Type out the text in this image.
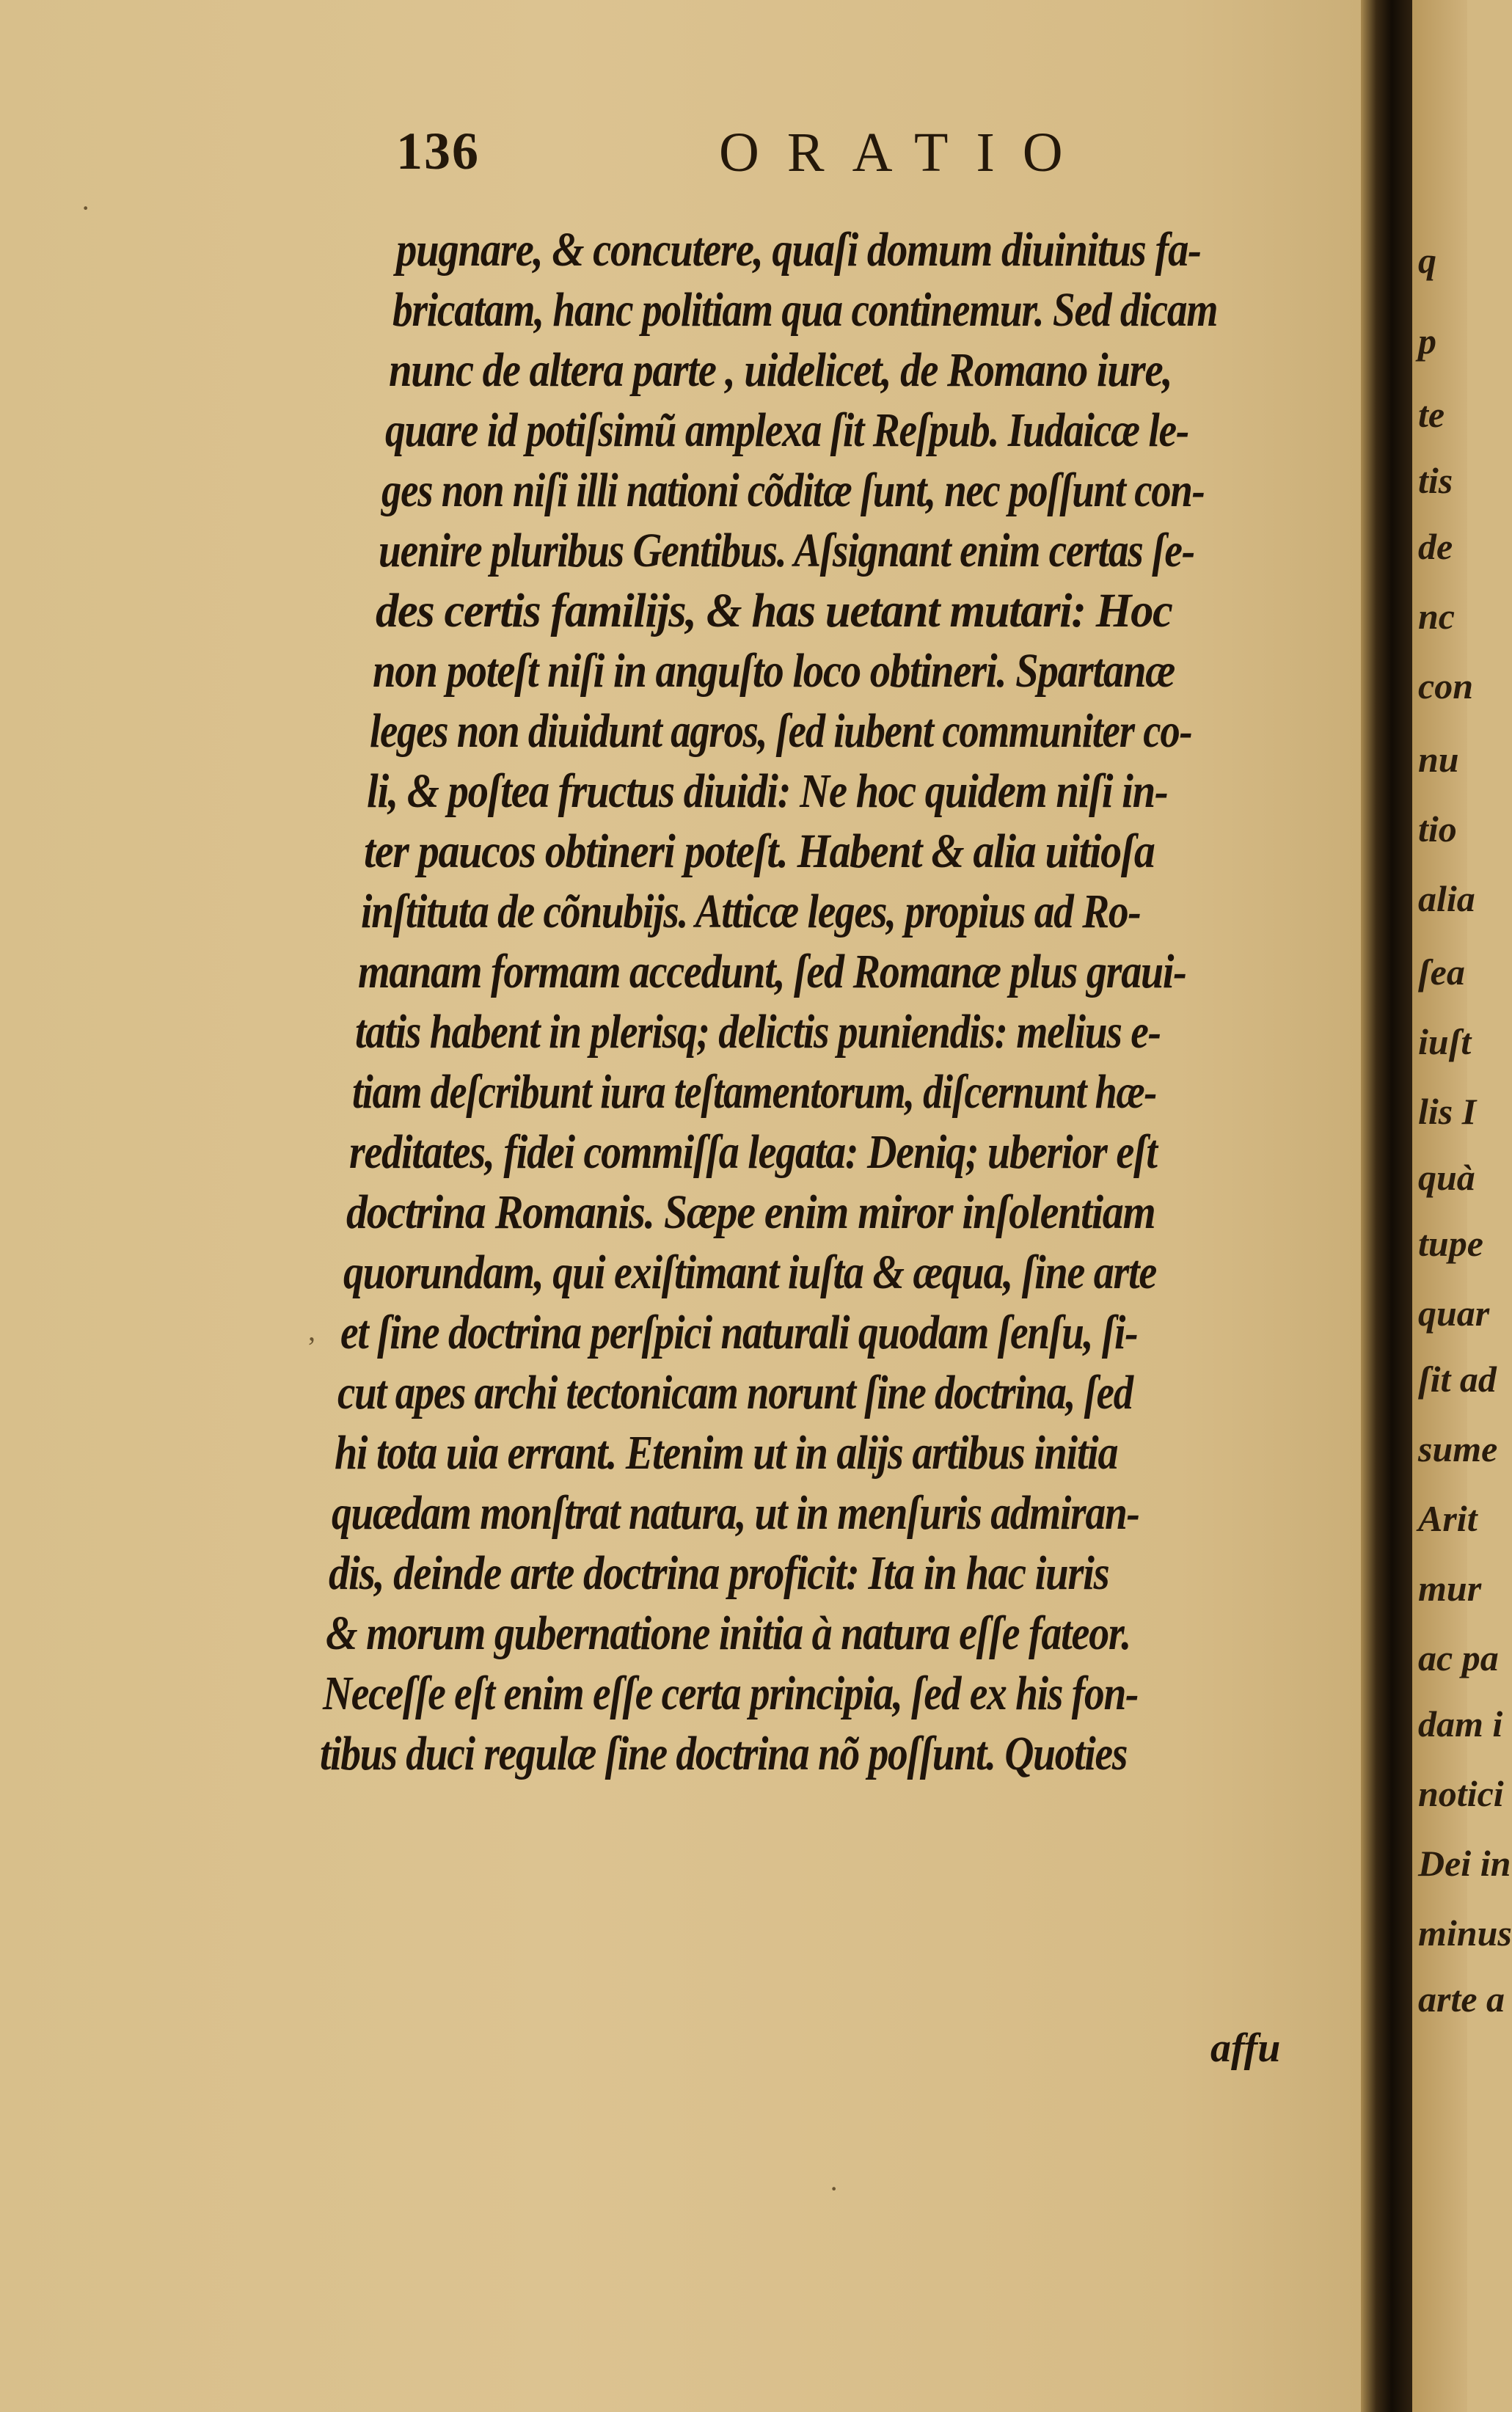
·
,
·
136	ORATIO
pugnare, & concutere, quaſi domum diuinitus fa-
bricatam, hanc politiam qua continemur. Sed dicam
nunc de altera parte , uidelicet, de Romano iure,
quare id potiſsimũ amplexa ſit Reſpub. Iudaicæ le-
ges non niſi illi nationi cõditæ ſunt, nec poſſunt con-
uenire pluribus Gentibus. Aſsignant enim certas ſe-
des certis familijs, & has uetant mutari: Hoc
non poteſt niſi in anguſto loco obtineri. Spartanæ
leges non diuidunt agros, ſed iubent communiter co-
li, & poſtea fructus diuidi: Ne hoc quidem niſi in-
ter paucos obtineri poteſt. Habent & alia uitioſa
inſtituta de cõnubijs. Atticæ leges, propius ad Ro-
manam formam accedunt, ſed Romanæ plus graui-
tatis habent in plerisq; delictis puniendis: melius e-
tiam deſcribunt iura teſtamentorum, diſcernunt hæ-
reditates, fidei commiſſa legata: Deniq; uberior eſt
doctrina Romanis. Sæpe enim miror inſolentiam
quorundam, qui exiſtimant iuſta & æqua, ſine arte
et ſine doctrina perſpici naturali quodam ſenſu, ſi-
cut apes archi tectonicam norunt ſine doctrina, ſed
hi tota uia errant. Etenim ut in alijs artibus initia
quædam monſtrat natura, ut in menſuris admiran-
dis, deinde arte doctrina proficit: Ita in hac iuris
& morum gubernatione initia à natura eſſe fateor.
Neceſſe eſt enim eſſe certa principia, ſed ex his fon-
tibus duci regulæ ſine doctrina nõ poſſunt. Quoties
affu
q
p
te
tis
de
nc
con
nu
tio
alia
ſea
iuſt
lis I
quà
tupe
quar
ſit ad
sume
Arit
mur
ac pa
dam i
notici
Dei in
minus
arte a
